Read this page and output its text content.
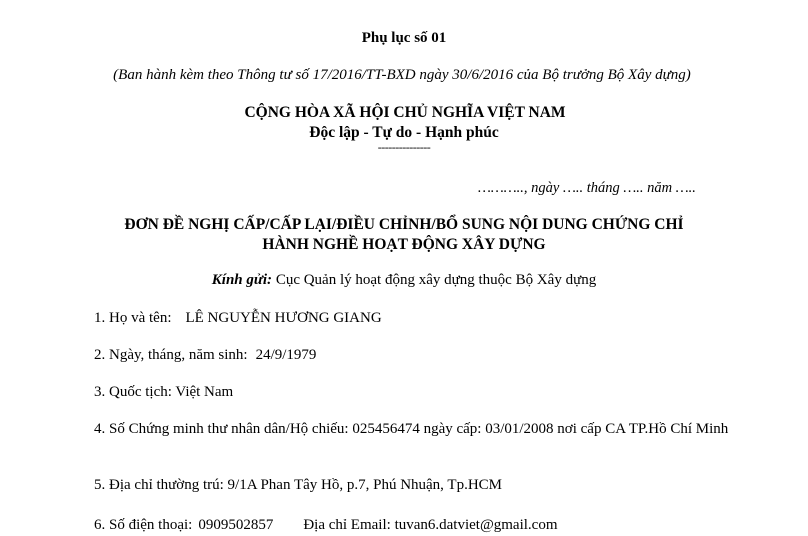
Phụ lục số 01
(Ban hành kèm theo Thông tư số 17/2016/TT-BXD ngày 30/6/2016 của Bộ trưởng Bộ Xây dựng)
CỘNG HÒA XÃ HỘI CHỦ NGHĨA VIỆT NAM
Độc lập - Tự do - Hạnh phúc
---------------
……….., ngày ….. tháng ….. năm …..
ĐƠN ĐỀ NGHỊ CẤP/CẤP LẠI/ĐIỀU CHỈNH/BỔ SUNG NỘI DUNG CHỨNG CHỈ
HÀNH NGHỀ HOẠT ĐỘNG XÂY DỰNG
Kính gửi: Cục Quản lý hoạt động xây dựng thuộc Bộ Xây dựng
1. Họ và tên: LÊ NGUYỄN HƯƠNG GIANG
2. Ngày, tháng, năm sinh: 24/9/1979
3. Quốc tịch: Việt Nam
4. Số Chứng minh thư nhân dân/Hộ chiếu: 025456474 ngày cấp: 03/01/2008 nơi cấp CA TP.Hồ Chí Minh
5. Địa chỉ thường trú: 9/1A Phan Tây Hồ, p.7, Phú Nhuận, Tp.HCM
6. Số điện thoại: 0909502857 Địa chỉ Email: tuvan6.datviet@gmail.com
